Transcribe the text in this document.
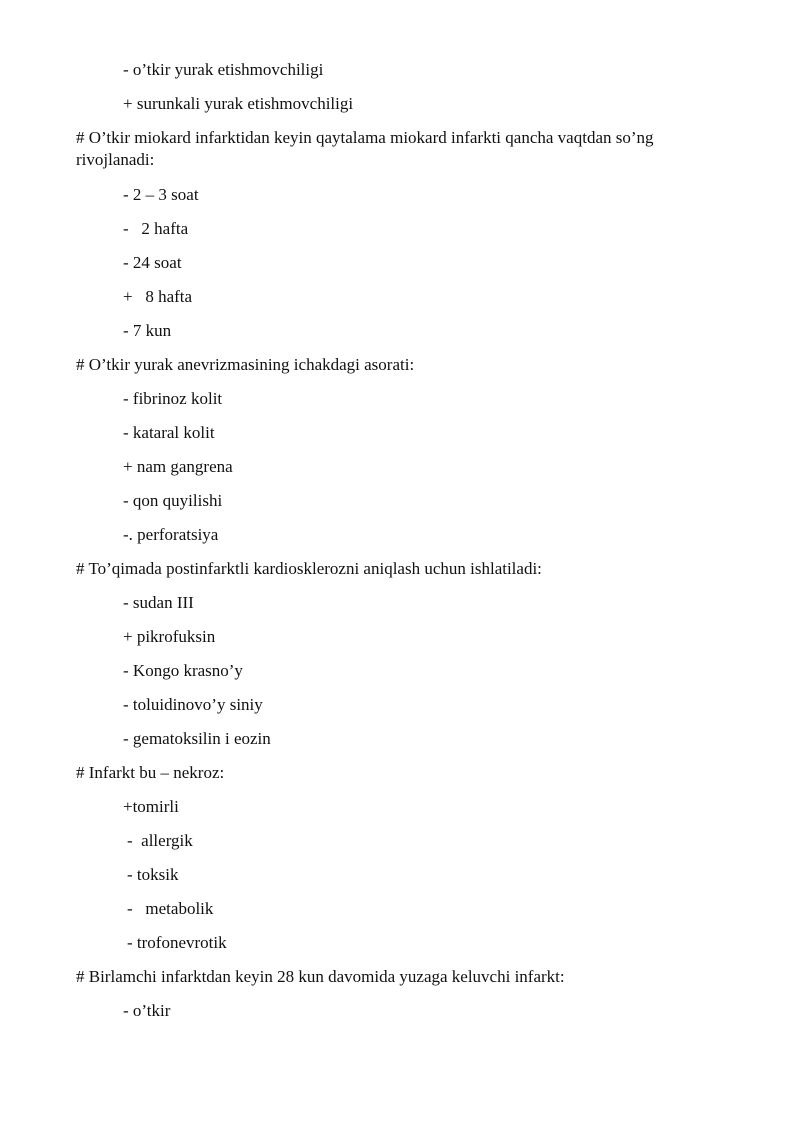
- o’tkir yurak etishmovchiligi
+ surunkali yurak etishmovchiligi
# O’tkir miokard infarktidan keyin qaytalama miokard infarkti qancha vaqtdan so’ng rivojlanadi:
- 2 – 3 soat
-   2 hafta
- 24 soat
+   8 hafta
- 7 kun
# O’tkir yurak anevrizmasining ichakdagi asorati:
- fibrinoz kolit
- kataral kolit
+ nam gangrena
- qon quyilishi
-. perforatsiya
# To’qimada postinfarktli kardiosklerozni aniqlash uchun ishlatiladi:
- sudan III
+ pikrofuksin
- Kongo krasno’y
- toluidinovo’y siniy
- gematoksilin i eozin
# Infarkt bu – nekroz:
+tomirli
-  allergik
- toksik
-   metabolik
- trofonevrotik
# Birlamchi infarktdan keyin 28 kun davomida yuzaga keluvchi infarkt:
- o’tkir
